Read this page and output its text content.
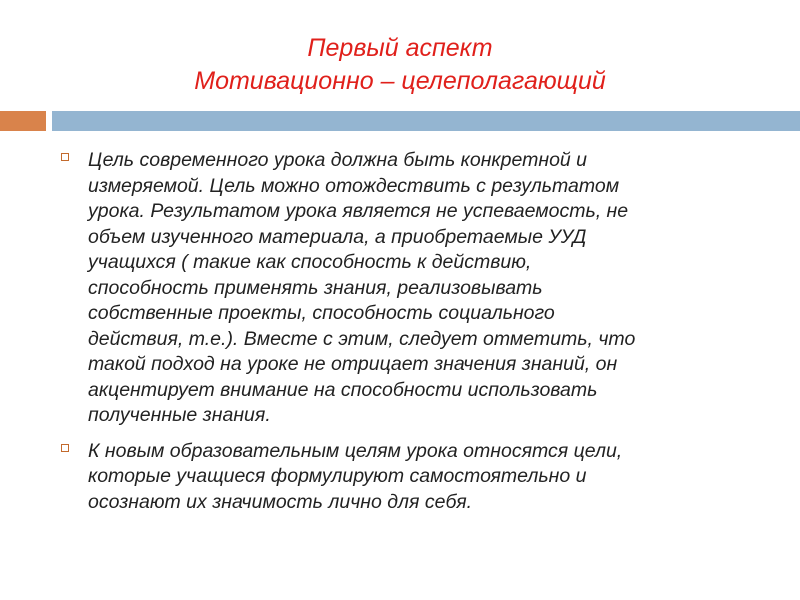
Первый аспект
Мотивационно – целеполагающий
Цель современного урока должна быть конкретной и
измеряемой. Цель можно отождествить с результатом
урока. Результатом урока является не успеваемость, не
объем изученного материала, а приобретаемые УУД
учащихся ( такие как способность к действию,
способность применять знания, реализовывать
собственные проекты, способность социального
действия, т.е.). Вместе с этим, следует отметить, что
такой подход на уроке не отрицает значения знаний, он
акцентирует внимание на способности использовать
полученные знания.
К новым образовательным целям урока относятся цели,
которые учащиеся формулируют самостоятельно и
осознают их значимость лично для себя.
